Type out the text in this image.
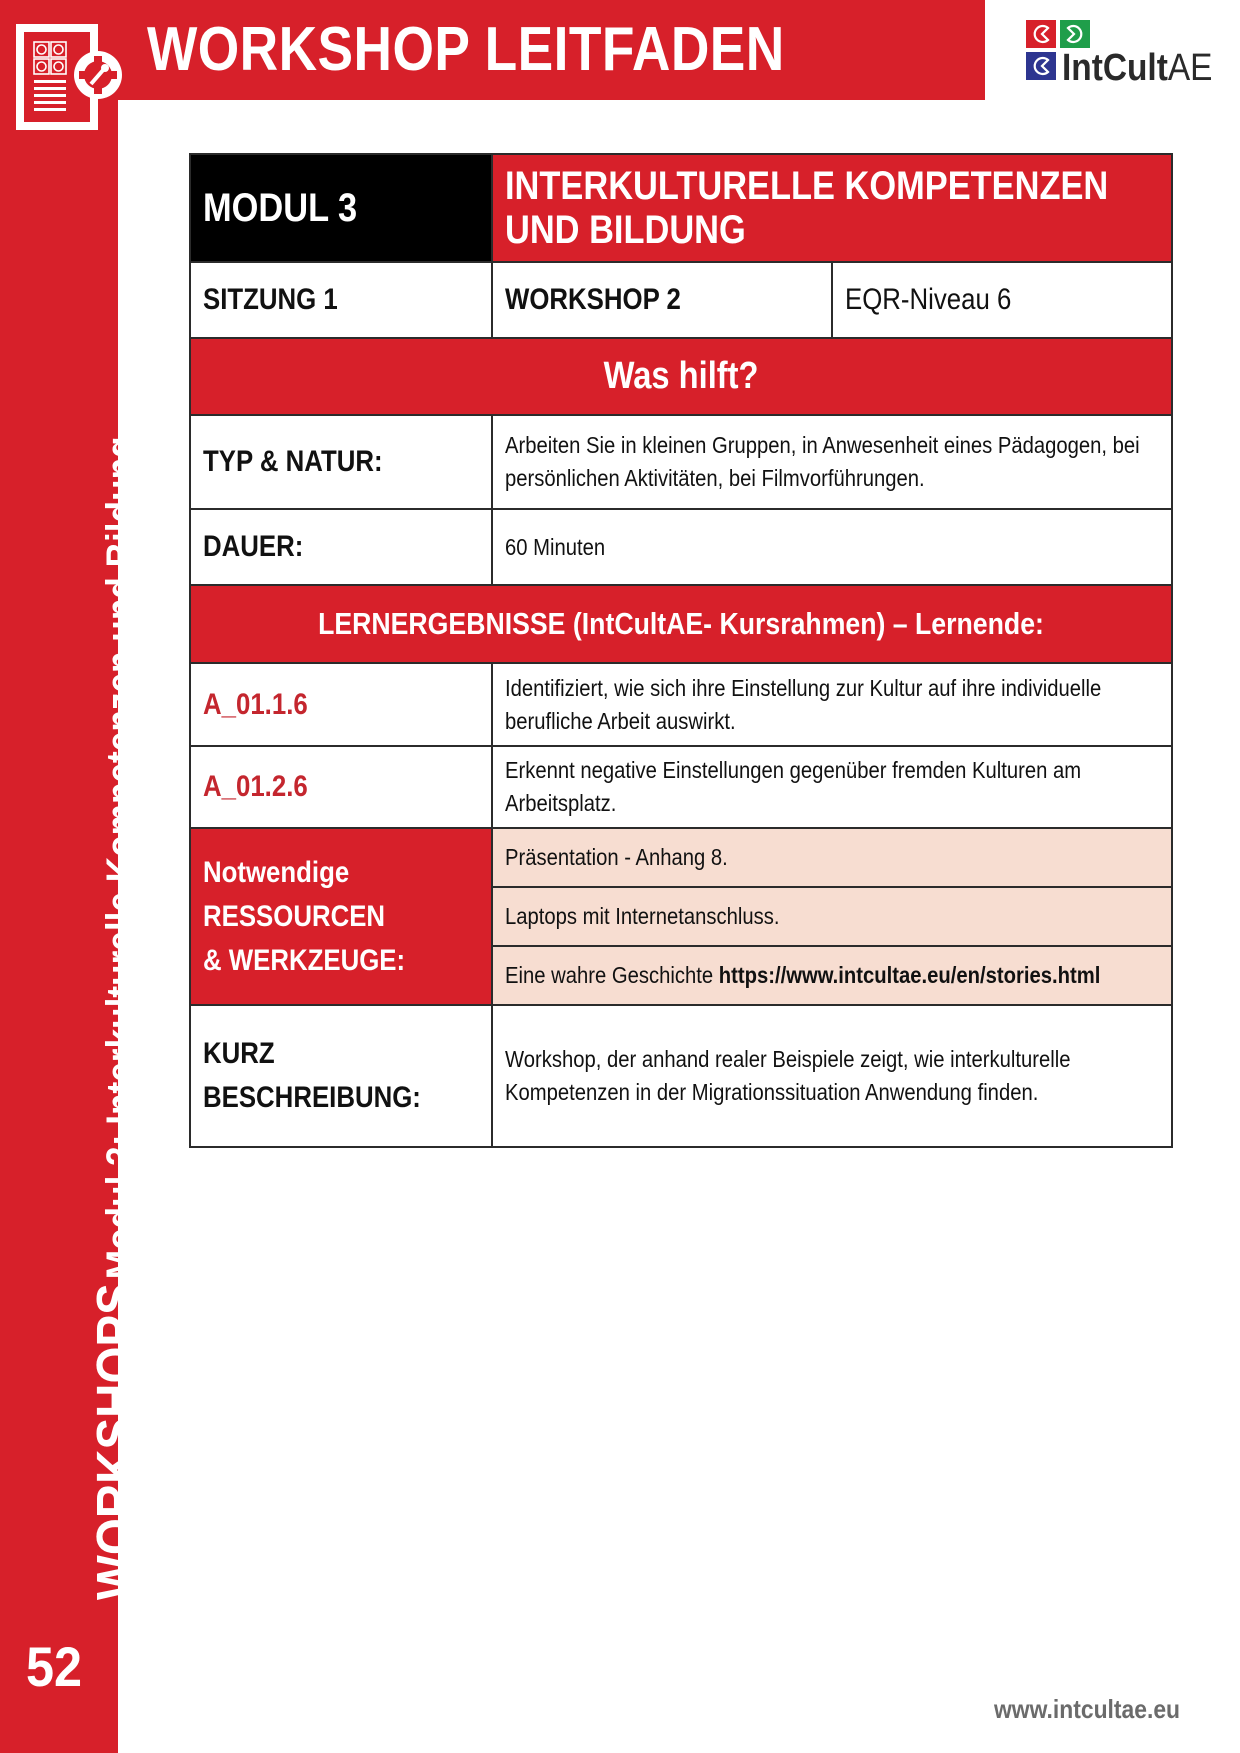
WORKSHOP LEITFADEN	IntCultAE
WORKSHOPS Modul 3: Interkulturelle Kompetenzen und Bildung
52
MODUL 3	INTERKULTURELLE KOMPETENZEN
UND BILDUNG	
SITZUNG 1	WORKSHOP 2	EQR-Niveau 6
Was hilft?		
TYP & NATUR:	Arbeiten Sie in kleinen Gruppen, in Anwesenheit eines Pädagogen, bei persönlichen Aktivitäten, bei Filmvorführungen.	
DAUER:	60 Minuten	
LERNERGEBNISSE (IntCultAE- Kursrahmen) – Lernende:		
A_01.1.6	Identifiziert, wie sich ihre Einstellung zur Kultur auf ihre individuelle berufliche Arbeit auswirkt.	
A_01.2.6	Erkennt negative Einstellungen gegenüber fremden Kulturen am Arbeitsplatz.	
Notwendige
RESSOURCEN
& WERKZEUGE:	Präsentation - Anhang 8.	
	Laptops mit Internetanschluss.	
	Eine wahre Geschichte https://www.intcultae.eu/en/stories.html	
KURZ
BESCHREIBUNG:	Workshop, der anhand realer Beispiele zeigt, wie interkulturelle Kompetenzen in der Migrationssituation Anwendung finden.	
www.intcultae.eu
